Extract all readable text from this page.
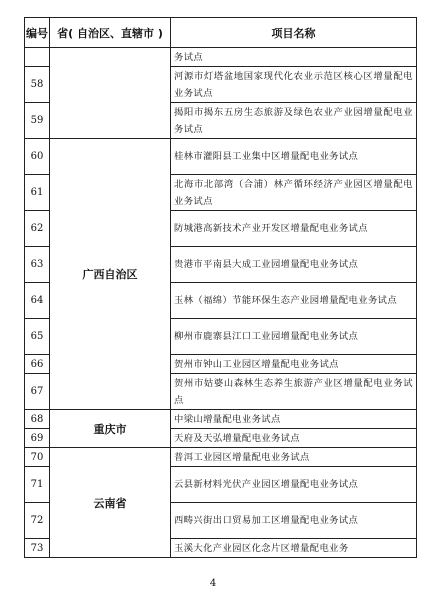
编号	省( 自治区、直辖市 )	项目名称
		务试点
58		河源市灯塔盆地国家现代化农业示范区核心区增量配电业务试点
59		揭阳市揭东五房生态旅游及绿色农业产业园增量配电业务试点
60	广西自治区	桂林市灌阳县工业集中区增量配电业务试点
61		北海市北部湾（合浦）林产循环经济产业园区增量配电业务试点
62		防城港高新技术产业开发区增量配电业务试点
63		贵港市平南县大成工业园增量配电业务试点
64		玉林（福绵）节能环保生态产业园增量配电业务试点
65		柳州市鹿寨县江口工业园增量配电业务试点
66		贺州市钟山工业园区增量配电业务试点
67		贺州市姑婆山森林生态养生旅游产业区增量配电业务试点
68	重庆市	中梁山增量配电业务试点
69		天府及天弘增量配电业务试点
70	云南省	普洱工业园区增量配电业务试点
71		云县新材料光伏产业园区增量配电业务试点
72		西畴兴街出口贸易加工区增量配电业务试点
73		玉溪大化产业园区化念片区增量配电业务
4
